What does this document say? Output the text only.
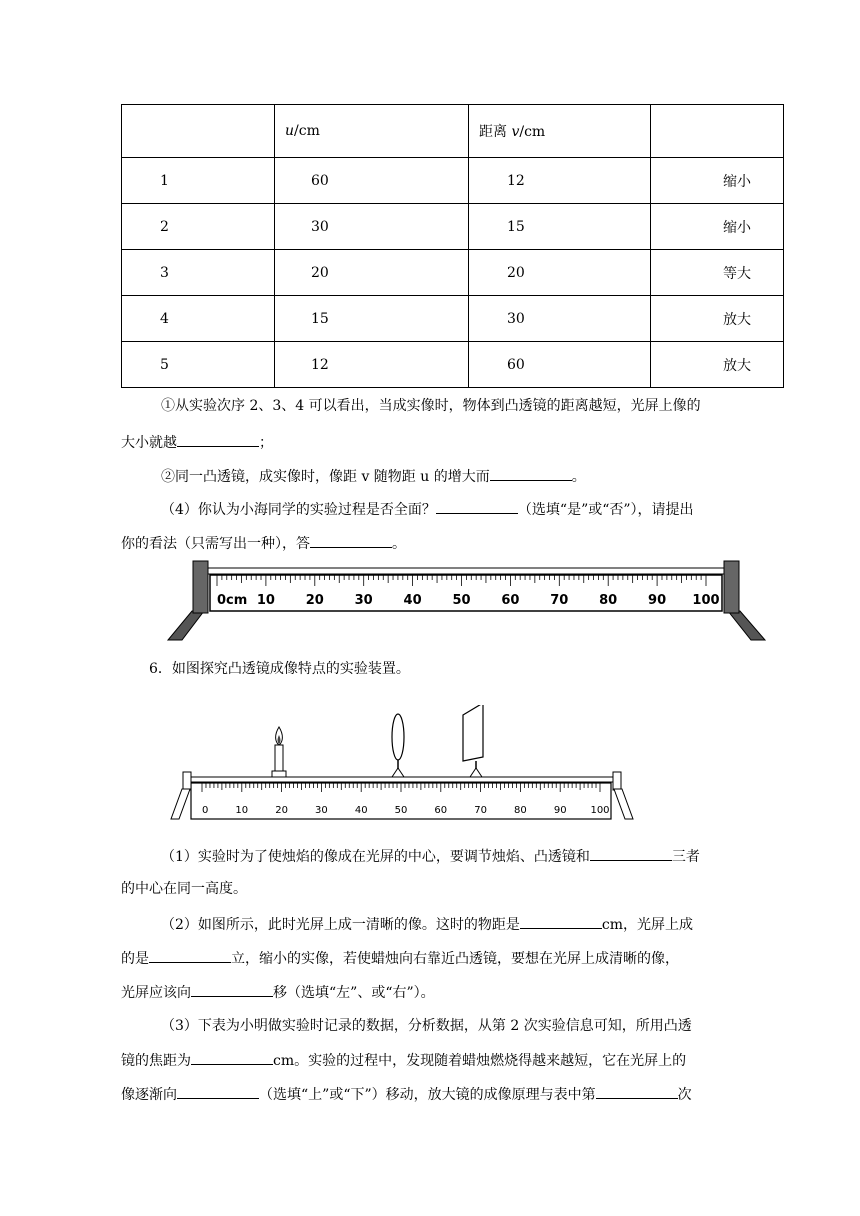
	u/cm	距离 v/cm	
1	60	12	缩小
2	30	15	缩小
3	20	20	等大
4	15	30	放大
5	12	60	放大
①从实验次序 2、3、4 可以看出，当成实像时，物体到凸透镜的距离越短，光屏上像的
大小就越	；
②同一凸透镜，成实像时，像距 v 随物距 u 的增大而	。
（4）你认为小海同学的实验过程是否全面？	（选填“是”或“否”），请提出
你的看法（只需写出一种），答	。
0cm 10 20 30 40 50 60 70 80 90 100
6．如图探究凸透镜成像特点的实验装置。
0	10	20	30	40	50	60	70	80	90 100
（1）实验时为了使烛焰的像成在光屏的中心，要调节烛焰、凸透镜和	三者
的中心在同一高度。
（2）如图所示，此时光屏上成一清晰的像。这时的物距是	cm，光屏上成
的是	立，缩小的实像，若使蜡烛向右靠近凸透镜，要想在光屏上成清晰的像，
光屏应该向	移（选填“左”、或“右”）。
（3）下表为小明做实验时记录的数据，分析数据，从第 2 次实验信息可知，所用凸透
镜的焦距为	cm。实验的过程中，发现随着蜡烛燃烧得越来越短，它在光屏上的
像逐渐向	（选填“上”或“下”）移动，放大镜的成像原理与表中第	次
